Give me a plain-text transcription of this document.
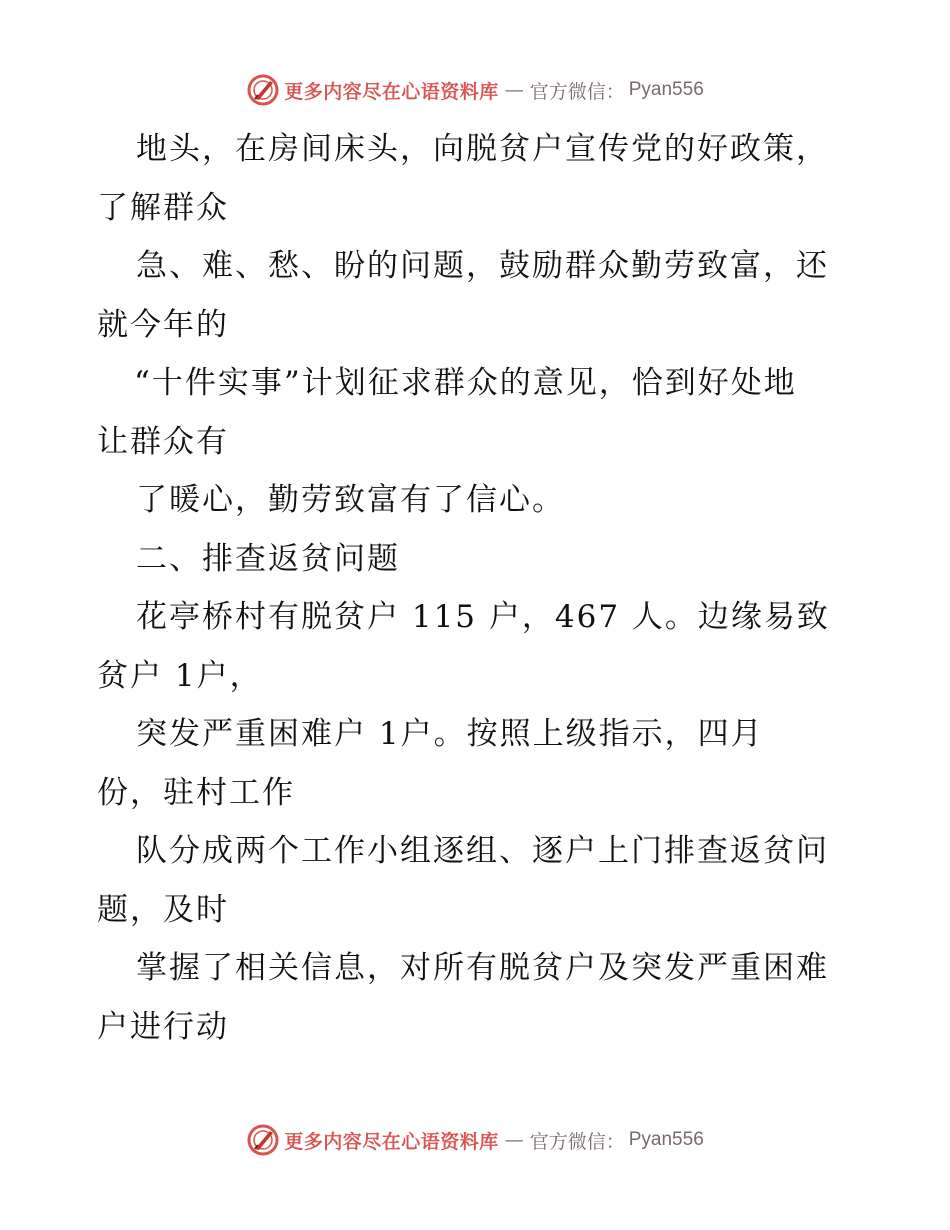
更多内容尽在心语资料库 — 官方微信： Pyan556
地头，在房间床头，向脱贫户宣传党的好政策，
了解群众
急、难、愁、盼的问题，鼓励群众勤劳致富，还
就今年的
“十件实事”计划征求群众的意见，恰到好处地
让群众有
了暖心，勤劳致富有了信心。
二、排查返贫问题
花亭桥村有脱贫户 115 户，467 人。边缘易致
贫户 1户，
突发严重困难户 1户。按照上级指示，四月
份，驻村工作
队分成两个工作小组逐组、逐户上门排查返贫问
题，及时
掌握了相关信息，对所有脱贫户及突发严重困难
户进行动
更多内容尽在心语资料库 — 官方微信： Pyan556
